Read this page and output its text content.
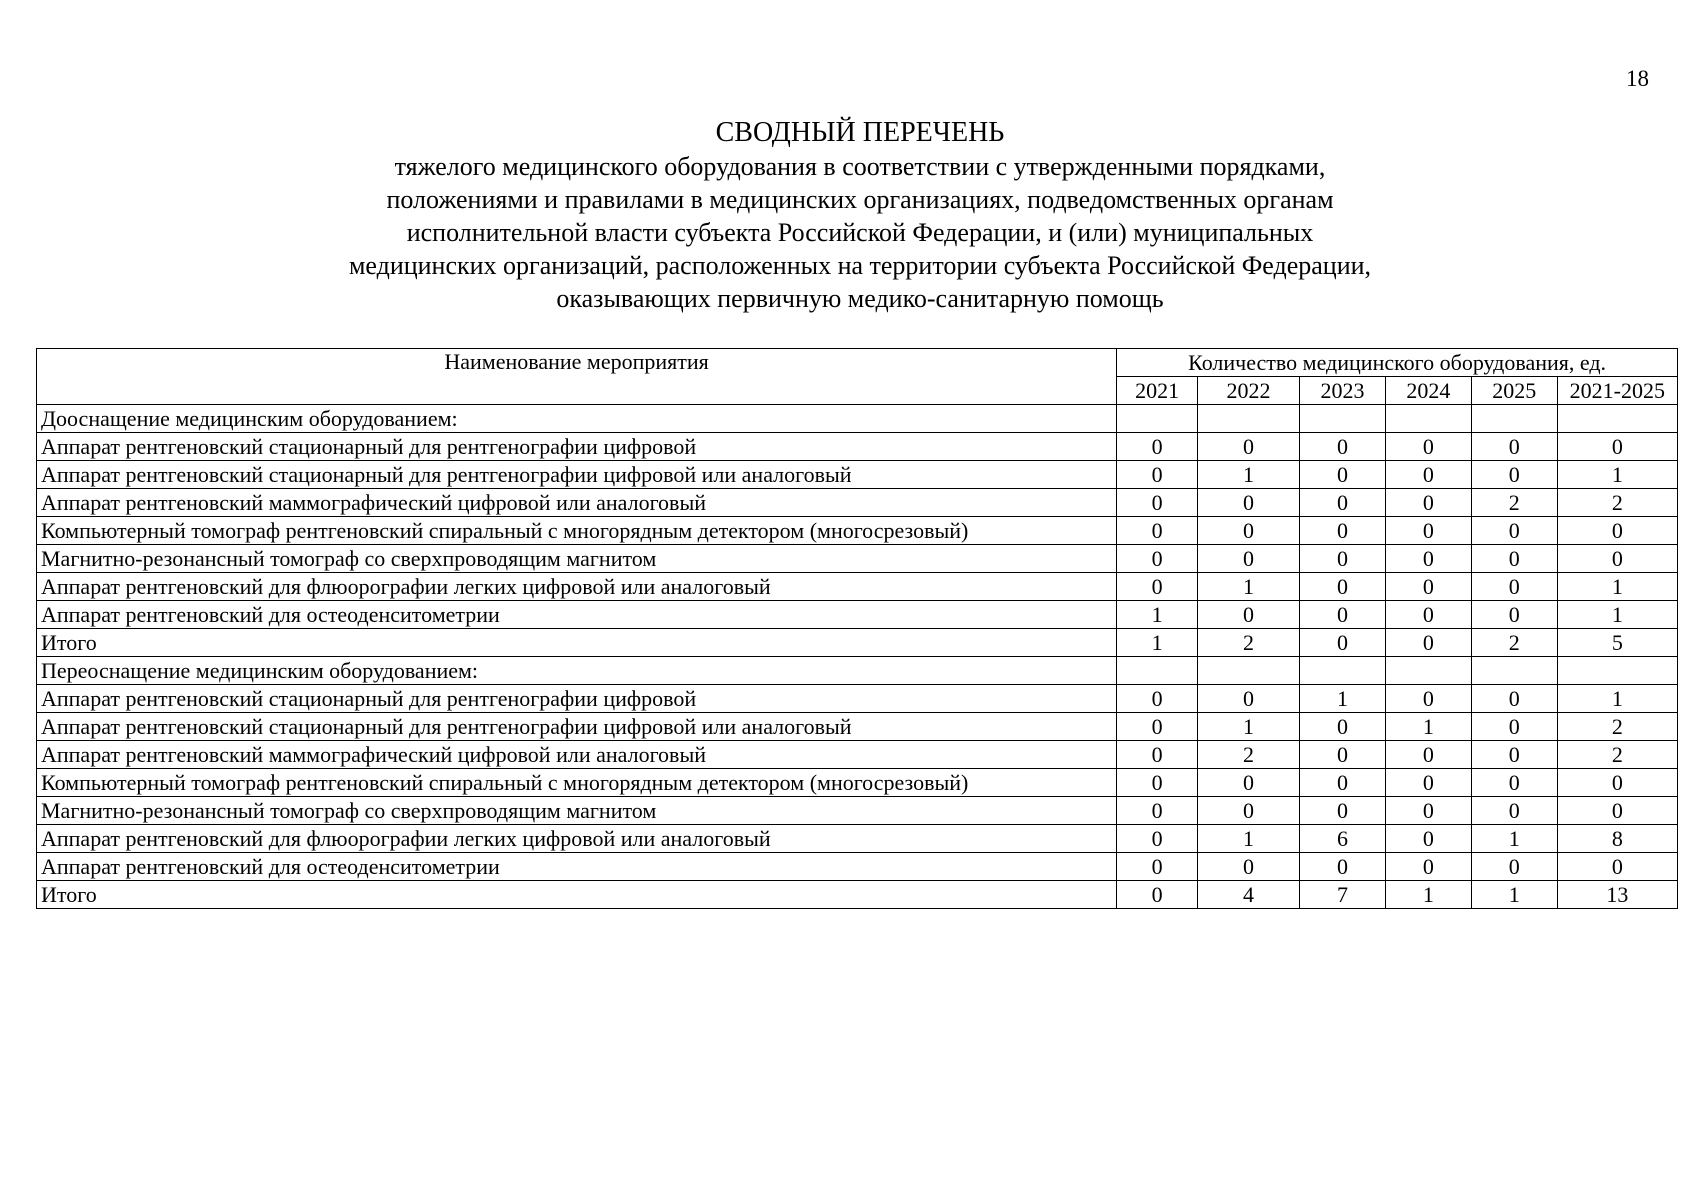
18
СВОДНЫЙ ПЕРЕЧЕНЬ
тяжелого медицинского оборудования в соответствии с утвержденными порядками,
положениями и правилами в медицинских организациях, подведомственных органам
исполнительной власти субъекта Российской Федерации, и (или) муниципальных
медицинских организаций, расположенных на территории субъекта Российской Федерации,
оказывающих первичную медико-санитарную помощь
Наименование мероприятия	Количество медицинского оборудования, ед.					
	2021	2022	2023	2024	2025	2021-2025
Дооснащение медицинским оборудованием:						
Аппарат рентгеновский стационарный для рентгенографии цифровой	0	0	0	0	0	0
Аппарат рентгеновский стационарный для рентгенографии цифровой или аналоговый	0	1	0	0	0	1
Аппарат рентгеновский маммографический цифровой или аналоговый	0	0	0	0	2	2
Компьютерный томограф рентгеновский спиральный с многорядным детектором (многосрезовый)	0	0	0	0	0	0
Магнитно-резонансный томограф со сверхпроводящим магнитом	0	0	0	0	0	0
Аппарат рентгеновский для флюорографии легких цифровой или аналоговый	0	1	0	0	0	1
Аппарат рентгеновский для остеоденситометрии	1	0	0	0	0	1
Итого	1	2	0	0	2	5
Переоснащение медицинским оборудованием:						
Аппарат рентгеновский стационарный для рентгенографии цифровой	0	0	1	0	0	1
Аппарат рентгеновский стационарный для рентгенографии цифровой или аналоговый	0	1	0	1	0	2
Аппарат рентгеновский маммографический цифровой или аналоговый	0	2	0	0	0	2
Компьютерный томограф рентгеновский спиральный с многорядным детектором (многосрезовый)	0	0	0	0	0	0
Магнитно-резонансный томограф со сверхпроводящим магнитом	0	0	0	0	0	0
Аппарат рентгеновский для флюорографии легких цифровой или аналоговый	0	1	6	0	1	8
Аппарат рентгеновский для остеоденситометрии	0	0	0	0	0	0
Итого	0	4	7	1	1	13
